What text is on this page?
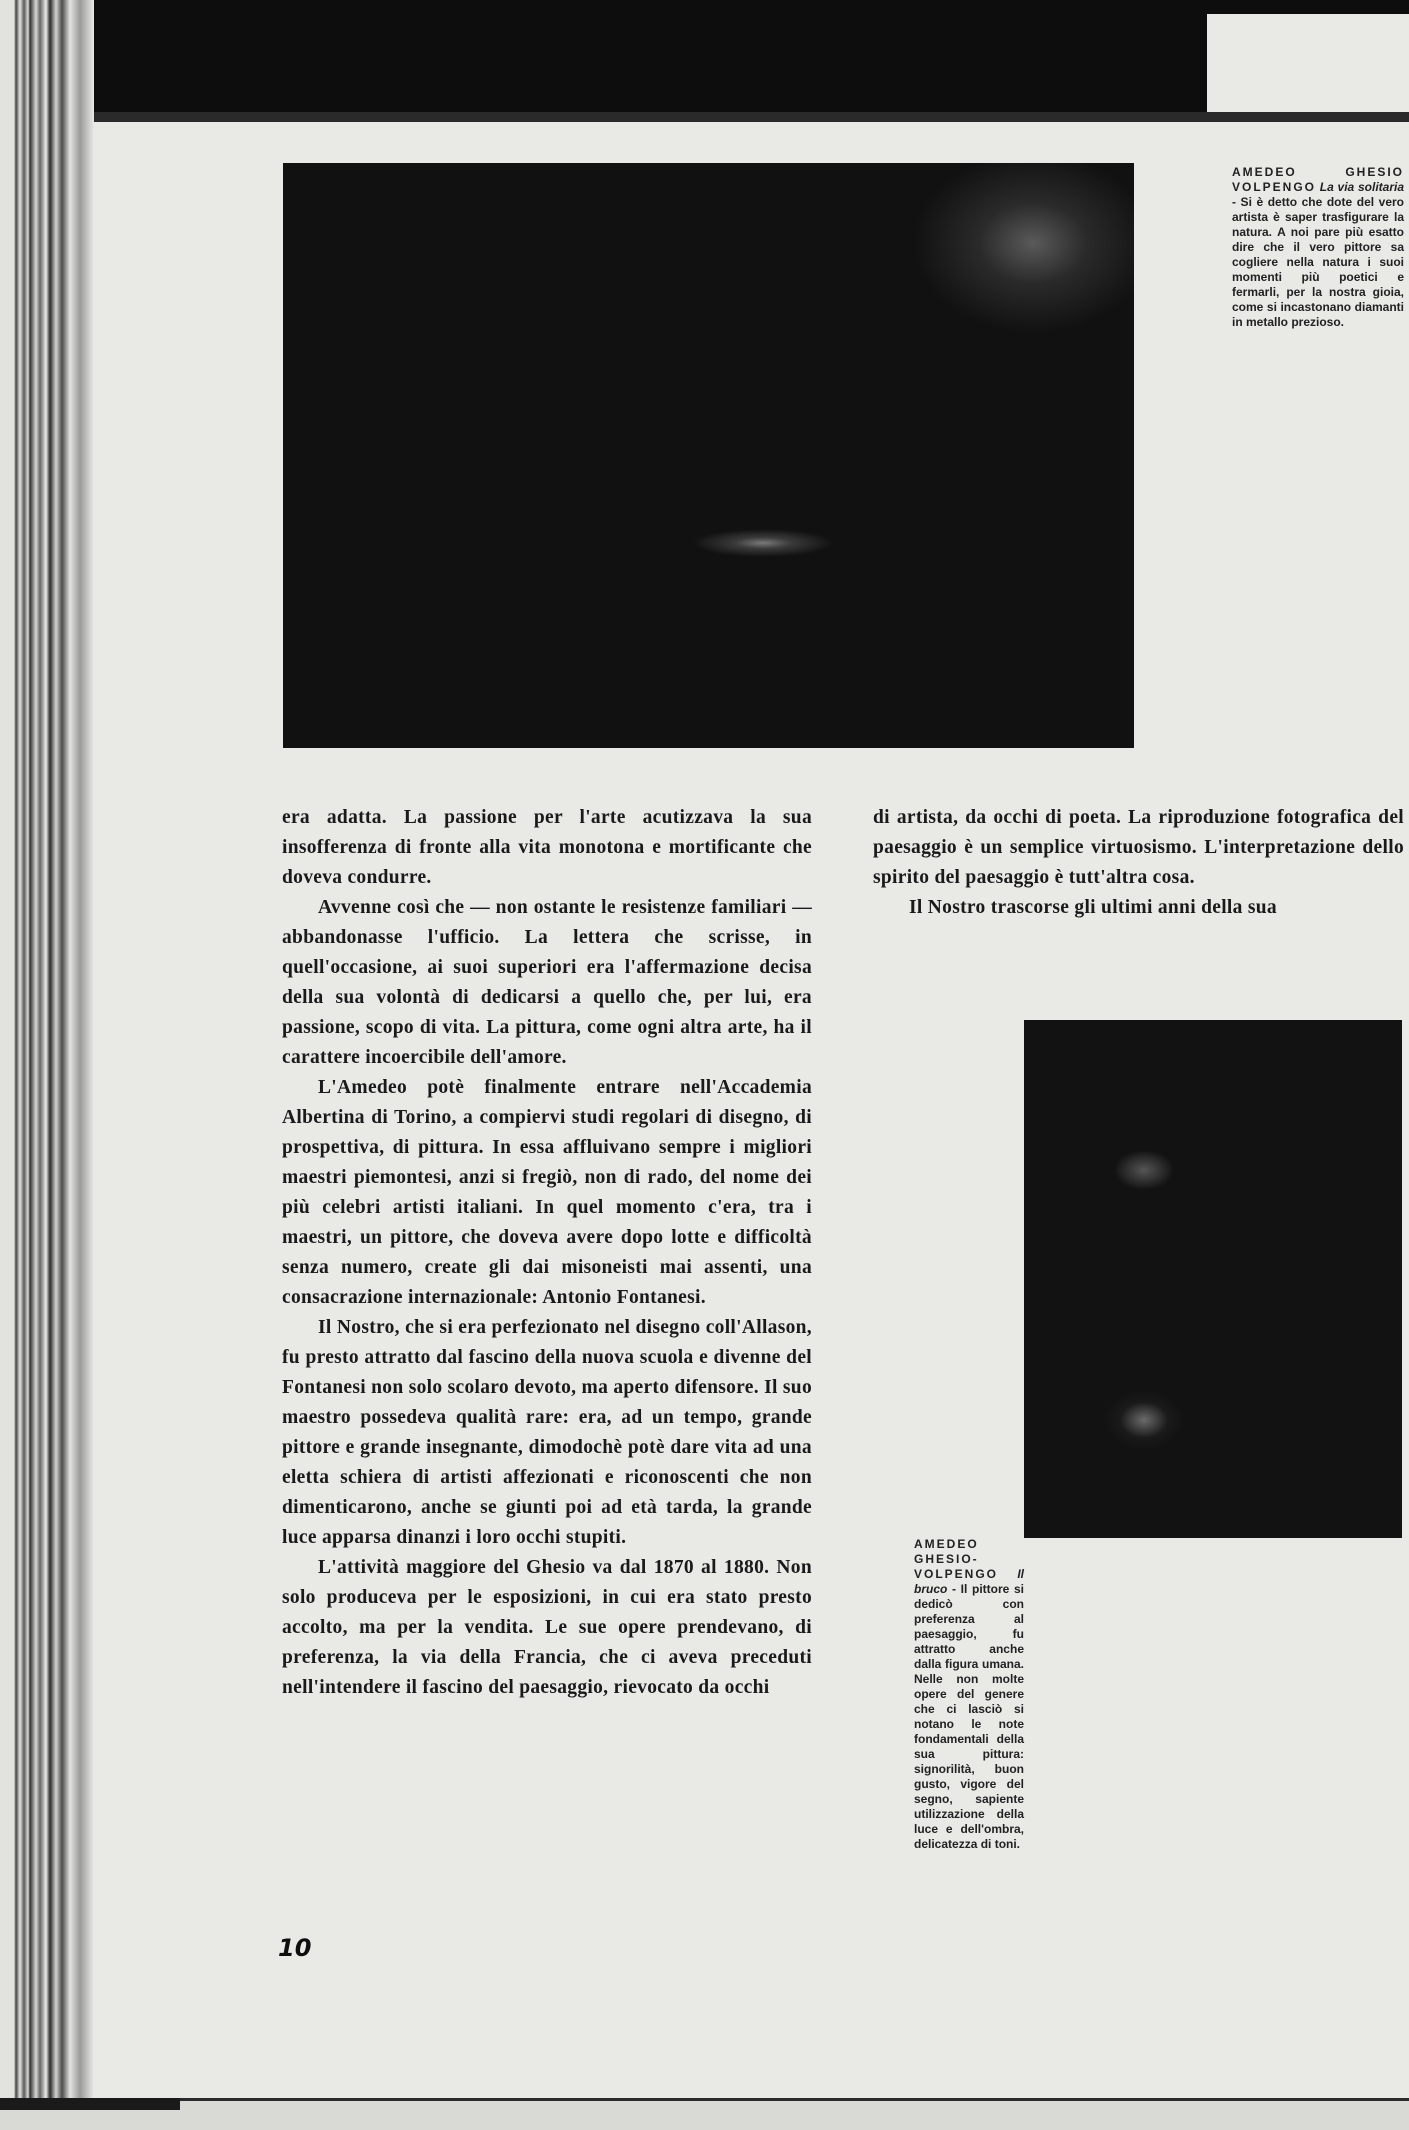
AMEDEO GHESIO VOLPENGO La via solitaria - Si è detto che dote del vero artista è saper trasfigurare la natura. A noi pare più esatto dire che il vero pittore sa cogliere nella natura i suoi momenti più poetici e fermarli, per la nostra gioia, come si incastonano diamanti in metallo prezioso.

era adatta. La passione per l'arte acutizzava la sua insofferenza di fronte alla vita monotona e mortificante che doveva condurre.

Avvenne così che — non ostante le resistenze familiari — abbandonasse l'ufficio. La lettera che scrisse, in quell'occasione, ai suoi superiori era l'affermazione decisa della sua volontà di dedicarsi a quello che, per lui, era passione, scopo di vita. La pittura, come ogni altra arte, ha il carattere incoercibile dell'amore.

L'Amedeo potè finalmente entrare nell'Accademia Albertina di Torino, a compiervi studi regolari di disegno, di prospettiva, di pittura. In essa affluivano sempre i migliori maestri piemontesi, anzi si fregiò, non di rado, del nome dei più celebri artisti italiani. In quel momento c'era, tra i maestri, un pittore, che doveva avere dopo lotte e difficoltà senza numero, create gli dai misoneisti mai assenti, una consacrazione internazionale: Antonio Fontanesi.

Il Nostro, che si era perfezionato nel disegno coll'Allason, fu presto attratto dal fascino della nuova scuola e divenne del Fontanesi non solo scolaro devoto, ma aperto difensore. Il suo maestro possedeva qualità rare: era, ad un tempo, grande pittore e grande insegnante, dimodochè potè dare vita ad una eletta schiera di artisti affezionati e riconoscenti che non dimenticarono, anche se giunti poi ad età tarda, la grande luce apparsa dinanzi i loro occhi stupiti.

L'attività maggiore del Ghesio va dal 1870 al 1880. Non solo produceva per le esposizioni, in cui era stato presto accolto, ma per la vendita. Le sue opere prendevano, di preferenza, la via della Francia, che ci aveva preceduti nell'intendere il fascino del paesaggio, rievocato da occhi

di artista, da occhi di poeta. La riproduzione fotografica del paesaggio è un semplice virtuosismo. L'interpretazione dello spirito del paesaggio è tutt'altra cosa.

Il Nostro trascorse gli ultimi anni della sua

AMEDEO GHESIO-VOLPENGO Il bruco - Il pittore si dedicò con preferenza al paesaggio, fu attratto anche dalla figura umana. Nelle non molte opere del genere che ci lasciò si notano le note fondamentali della sua pittura: signorilità, buon gusto, vigore del segno, sapiente utilizzazione della luce e dell'ombra, delicatezza di toni.
10
